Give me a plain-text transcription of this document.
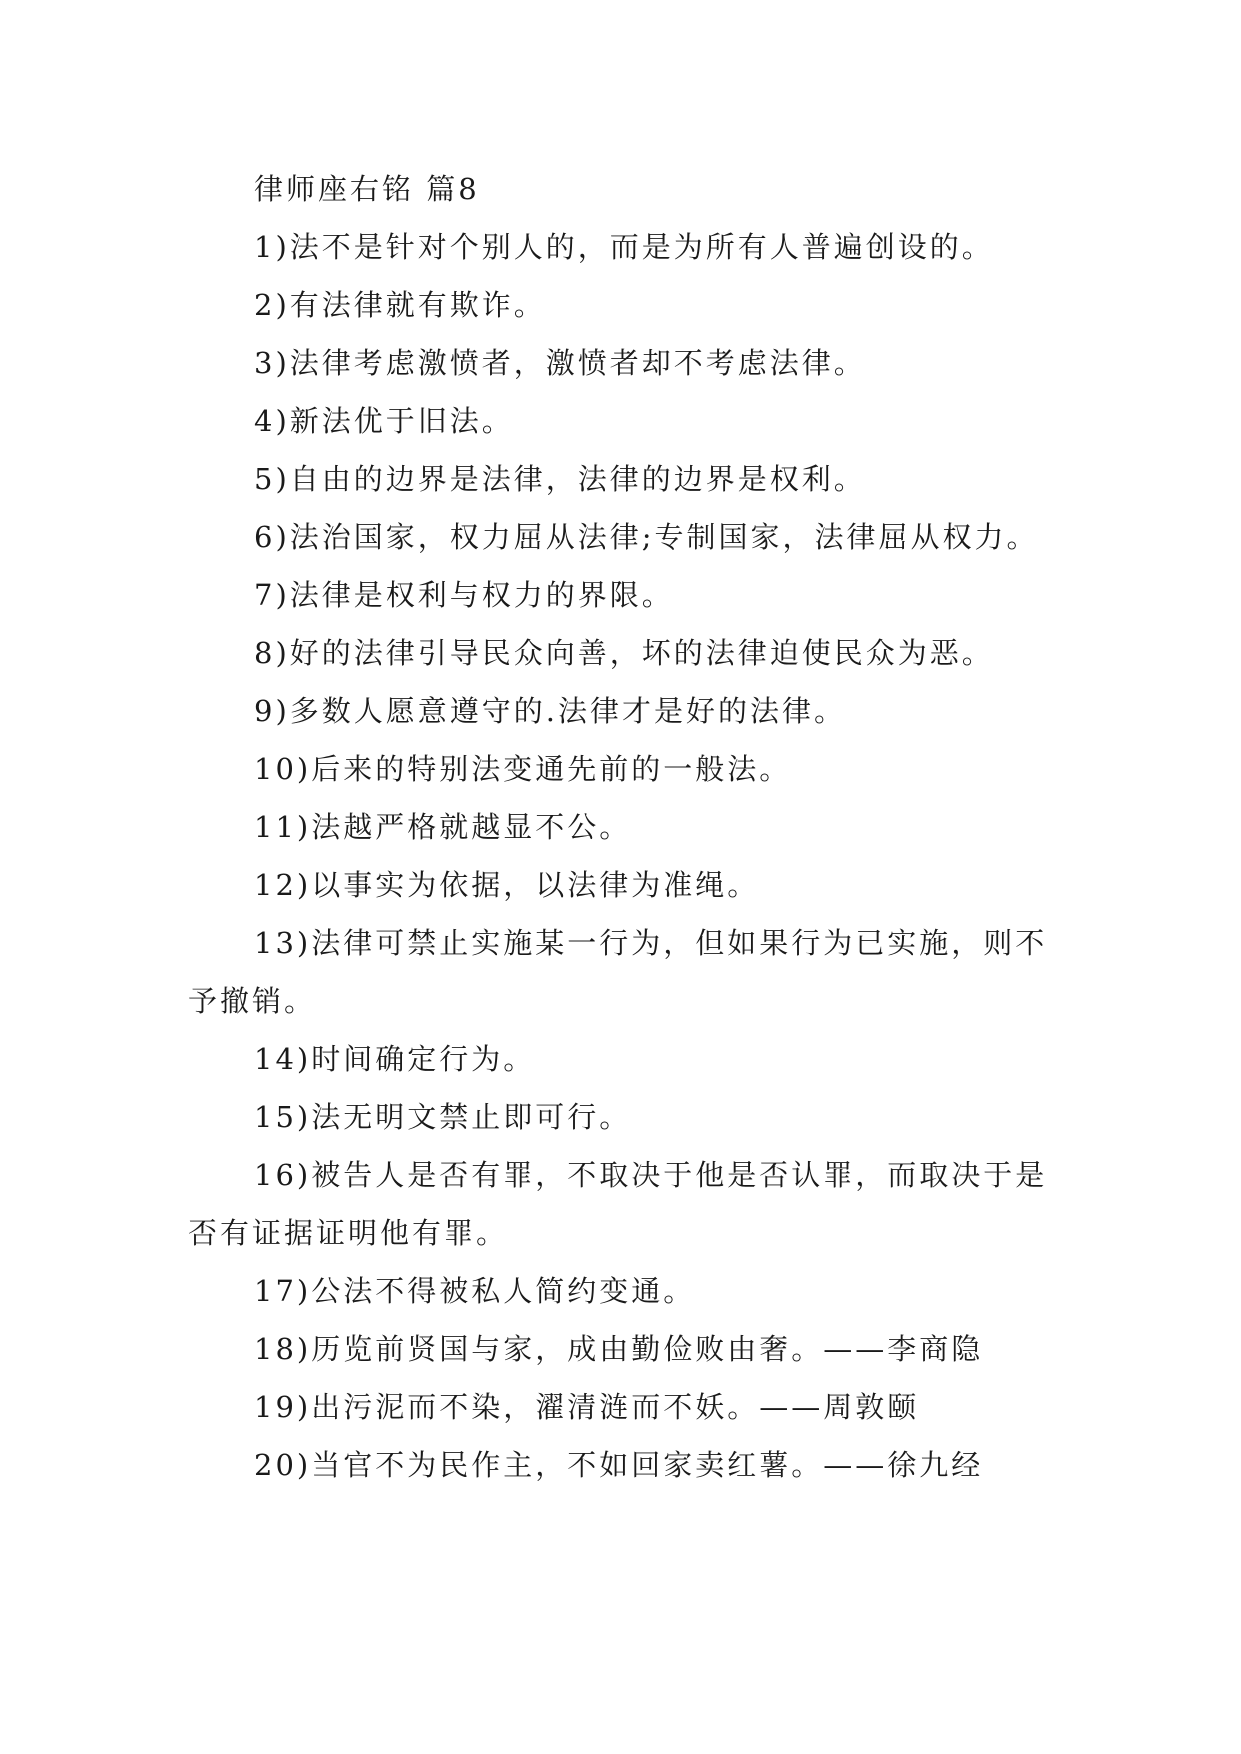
律师座右铭 篇8

1)法不是针对个别人的，而是为所有人普遍创设的。

2)有法律就有欺诈。

3)法律考虑激愤者，激愤者却不考虑法律。

4)新法优于旧法。

5)自由的边界是法律，法律的边界是权利。

6)法治国家，权力屈从法律;专制国家，法律屈从权力。

7)法律是权利与权力的界限。

8)好的法律引导民众向善，坏的法律迫使民众为恶。

9)多数人愿意遵守的.法律才是好的法律。

10)后来的特别法变通先前的一般法。

11)法越严格就越显不公。

12)以事实为依据，以法律为准绳。

13)法律可禁止实施某一行为，但如果行为已实施，则不予撤销。

14)时间确定行为。

15)法无明文禁止即可行。

16)被告人是否有罪，不取决于他是否认罪，而取决于是否有证据证明他有罪。

17)公法不得被私人简约变通。

18)历览前贤国与家，成由勤俭败由奢。——李商隐

19)出污泥而不染，濯清涟而不妖。——周敦颐

20)当官不为民作主，不如回家卖红薯。——徐九经
